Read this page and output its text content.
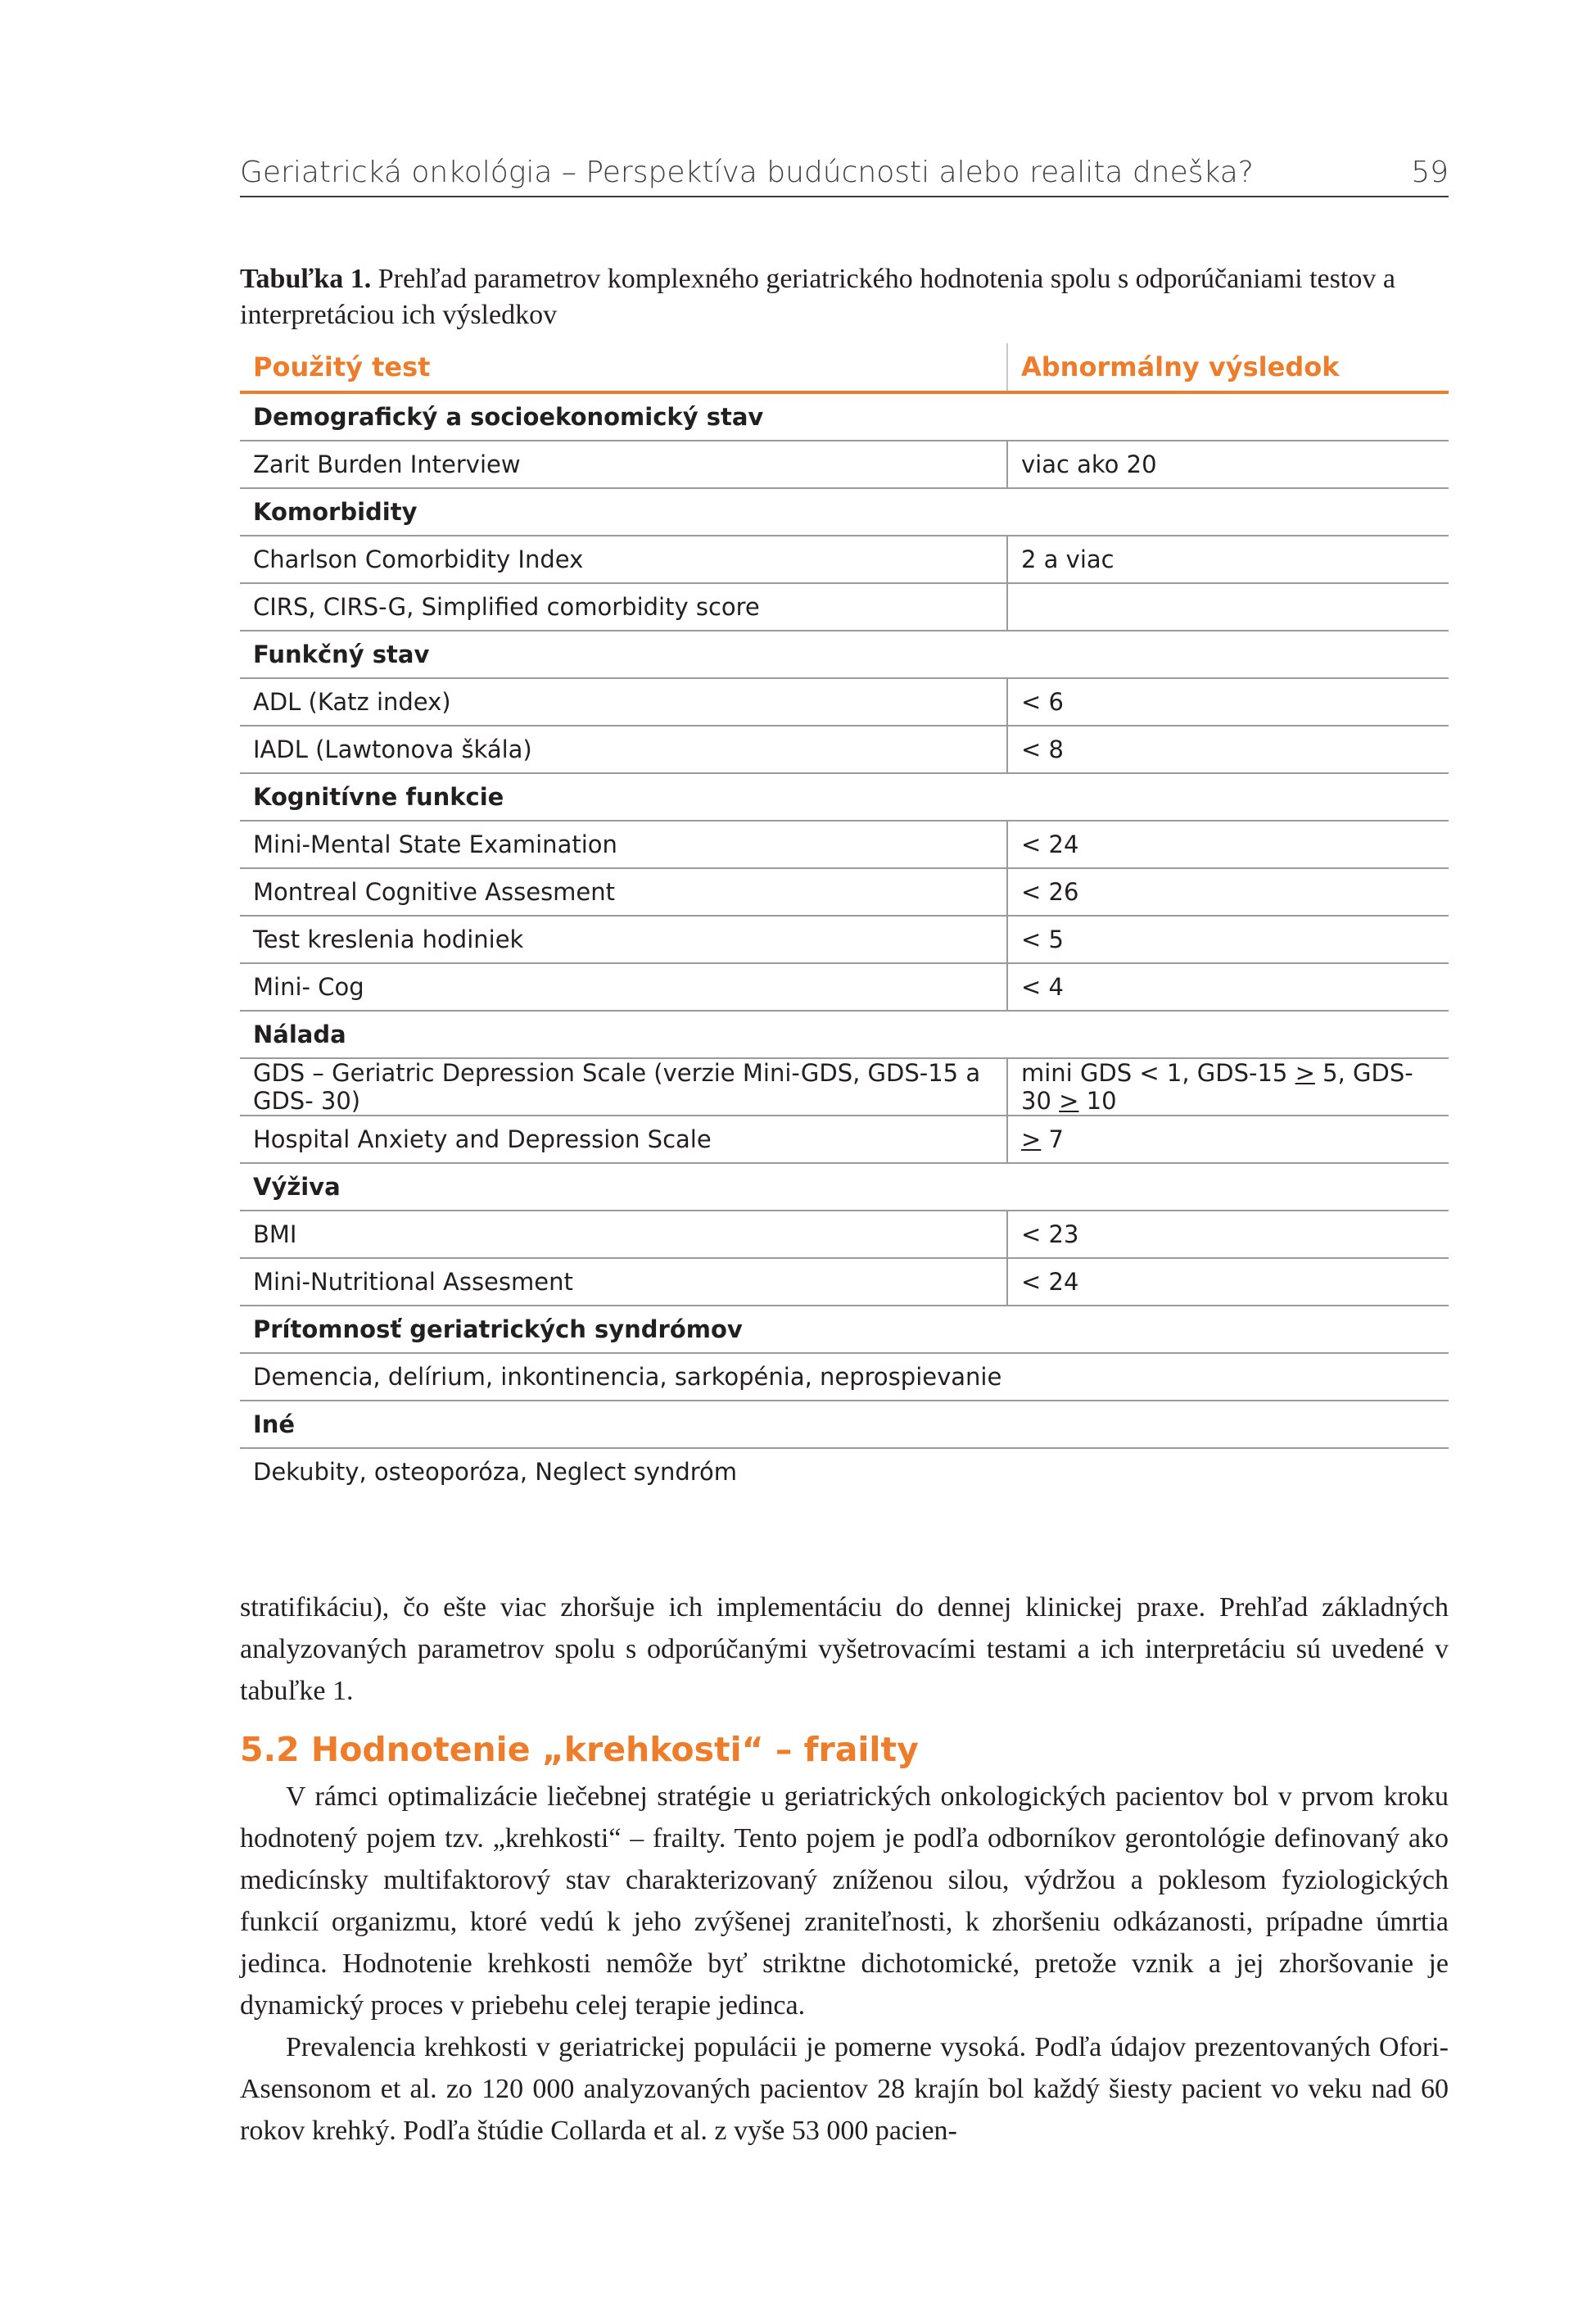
Geriatrická onkológia – Perspektíva budúcnosti alebo realita dneška?	59
Tabuľka 1. Prehľad parametrov komplexného geriatrického hodnotenia spolu s odporúčaniami testov a interpretáciou ich výsledkov
Použitý test	Abnormálny výsledok
Demografický a socioekonomický stav	
Zarit Burden Interview	viac ako 20
Komorbidity	
Charlson Comorbidity Index	2 a viac
CIRS, CIRS-G, Simplified comorbidity score	
Funkčný stav	
ADL (Katz index)	< 6
IADL (Lawtonova škála)	< 8
Kognitívne funkcie	
Mini-Mental State Examination	< 24
Montreal Cognitive Assesment	< 26
Test kreslenia hodiniek	< 5
Mini- Cog	< 4
Nálada	
GDS – Geriatric Depression Scale (verzie Mini-GDS, GDS-15 a GDS- 30)	mini GDS < 1, GDS-15 > 5, GDS-30 > 10
Hospital Anxiety and Depression Scale	> 7
Výživa	
BMI	< 23
Mini-Nutritional Assesment	< 24
Prítomnosť geriatrických syndrómov	
Demencia, delírium, inkontinencia, sarkopénia, neprospievanie	
Iné	
Dekubity, osteoporóza, Neglect syndróm	

stratifikáciu), čo ešte viac zhoršuje ich implementáciu do dennej klinickej praxe. Prehľad základných analyzovaných parametrov spolu s odporúčanými vyšetrovacími testami a ich interpretáciu sú uvedené v tabuľke 1.

5.2 Hodnotenie „krehkosti“ – frailty

V rámci optimalizácie liečebnej stratégie u geriatrických onkologických pacientov bol v prvom kroku hodnotený pojem tzv. „krehkosti“ – frailty. Tento pojem je podľa odborníkov gerontológie definovaný ako medicínsky multifaktorový stav charakterizovaný zníženou silou, výdržou a poklesom fyziologických funkcií organizmu, ktoré vedú k jeho zvýšenej zraniteľnosti, k zhoršeniu odkázanosti, prípadne úmrtia jedinca. Hodnotenie krehkosti nemôže byť striktne dichotomické, pretože vznik a jej zhoršovanie je dynamický proces v priebehu celej terapie jedinca.

Prevalencia krehkosti v geriatrickej populácii je pomerne vysoká. Podľa údajov prezentovaných Ofori-Asensonom et al. zo 120 000 analyzovaných pacientov 28 krajín bol každý šiesty pacient vo veku nad 60 rokov krehký. Podľa štúdie Collarda et al. z vyše 53 000 pacien-
